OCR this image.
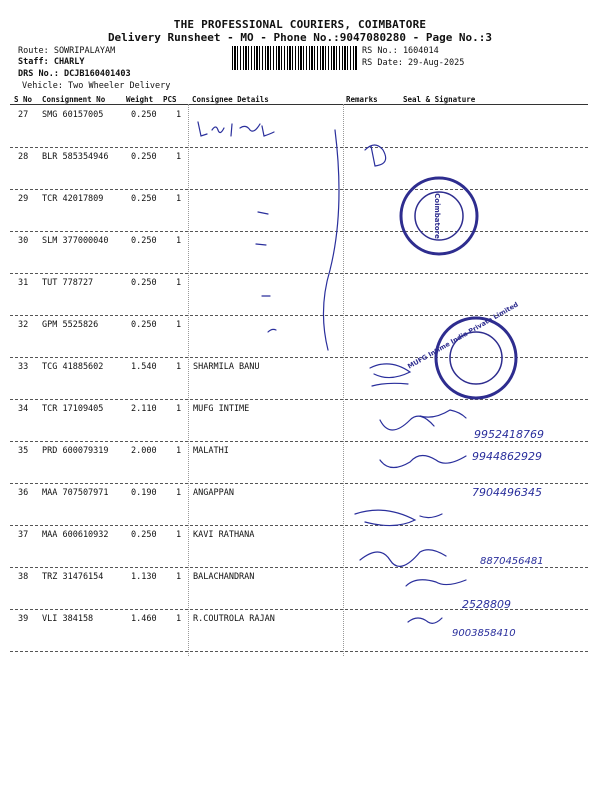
THE PROFESSIONAL COURIERS, COIMBATORE
Delivery Runsheet - MO - Phone No.:9047080280 - Page No.:3
Route: SOWRIPALAYAM
Staff: CHARLY
DRS No.: DCJB160401403
Vehicle: Two Wheeler Delivery
RS No.: 1604014
RS Date: 29-Aug-2025
S No Consignment No	Weight PCS Consignee Details	Remarks	Seal & Signature
27 SMG 60157005	0.250 1
28 BLR 585354946	0.250 1
29 TCR 42017809	0.250 1
30 SLM 377000040	0.250 1
31 TUT 778727	0.250 1
32 GPM 5525826	0.250 1
33 TCG 41885602	1.540 1 SHARMILA BANU
34 TCR 17109405	2.110 1 MUFG INTIME
35 PRD 600079319	2.000 1 MALATHI
36 MAA 707507971	0.190 1 ANGAPPAN
37 MAA 600610932	0.250 1 KAVI RATHANA
38 TRZ 31476154	1.130 1 BALACHANDRAN
39 VLI 384158	1.460 1 R.COUTROLA RAJAN
9952418769
9944862929
7904496345
8870456481
2528809
9003858410
Coimbatore
MUFG Intime India Private Limited
